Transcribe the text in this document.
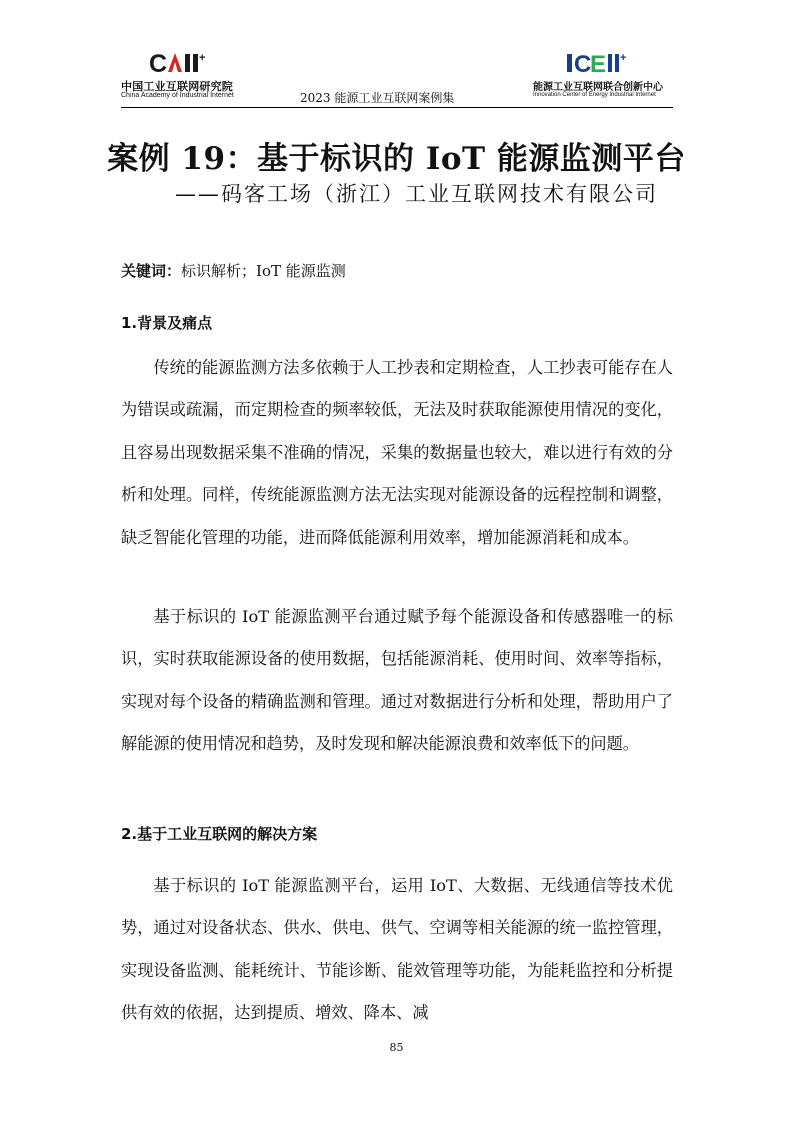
C	+
中国工业互联网研究院
China Academy of Industrial Internet	2023 能源工业互联网案例集
C
E +
能源工业互联网联合创新中心
Innovation Center of Energy Industrial Internet
案例 19：基于标识的 IoT 能源监测平台
——码客工场（浙江）工业互联网技术有限公司
关键词：标识解析；IoT 能源监测
1.背景及痛点
传统的能源监测方法多依赖于人工抄表和定期检查，人工抄表可能存在人为错误或疏漏，而定期检查的频率较低，无法及时获取能源使用情况的变化，且容易出现数据采集不准确的情况，采集的数据量也较大，难以进行有效的分析和处理。同样，传统能源监测方法无法实现对能源设备的远程控制和调整，缺乏智能化管理的功能，进而降低能源利用效率，增加能源消耗和成本。
基于标识的 IoT 能源监测平台通过赋予每个能源设备和传感器唯一的标识，实时获取能源设备的使用数据，包括能源消耗、使用时间、效率等指标，实现对每个设备的精确监测和管理。通过对数据进行分析和处理，帮助用户了解能源的使用情况和趋势，及时发现和解决能源浪费和效率低下的问题。
2.基于工业互联网的解决方案
基于标识的 IoT 能源监测平台，运用 IoT、大数据、无线通信等技术优势，通过对设备状态、供水、供电、供气、空调等相关能源的统一监控管理，实现设备监测、能耗统计、节能诊断、能效管理等功能，为能耗监控和分析提供有效的依据，达到提质、增效、降本、减
85
